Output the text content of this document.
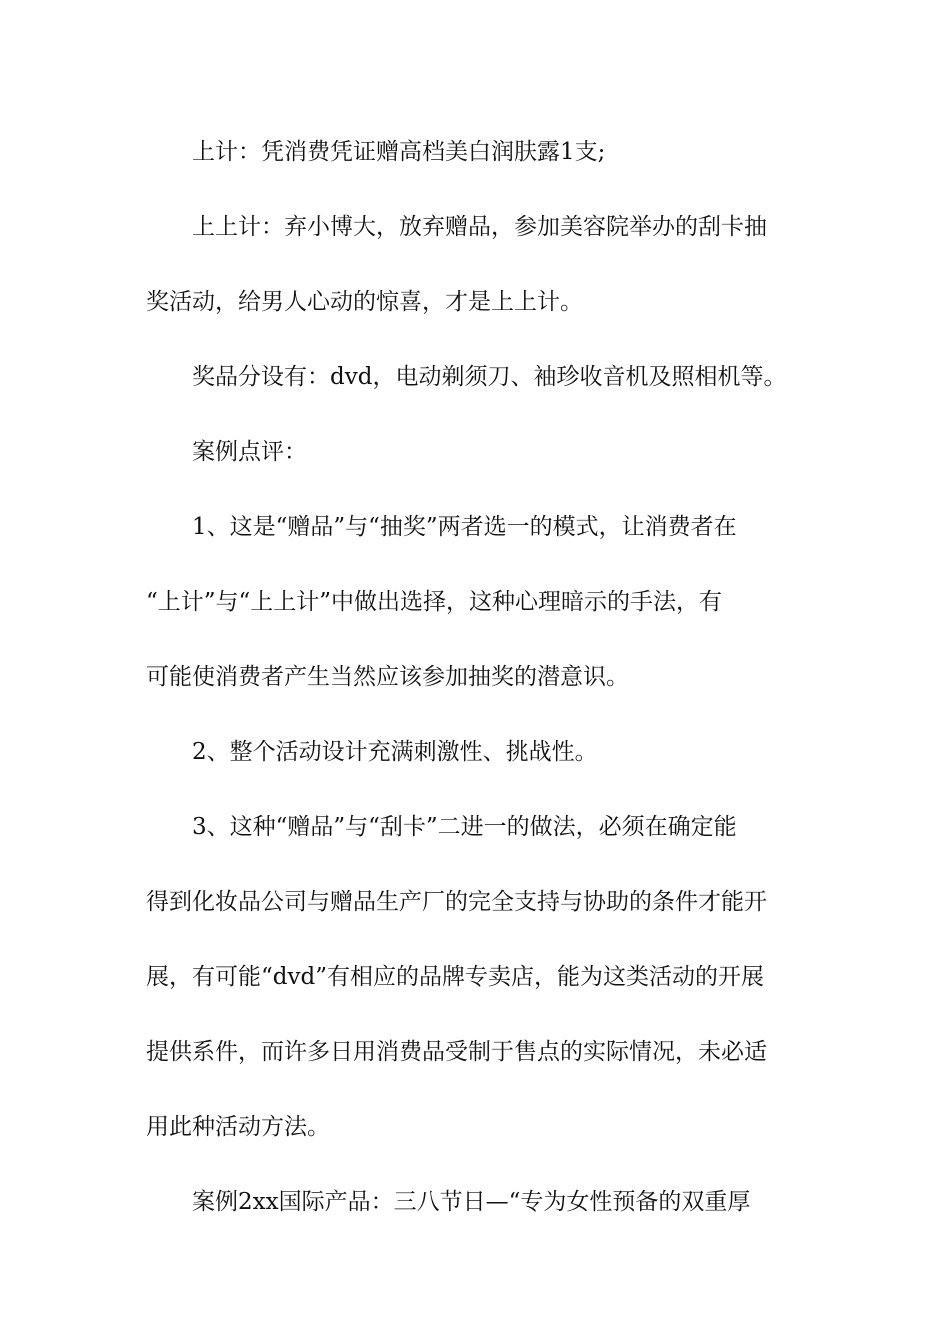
上计：凭消费凭证赠高档美白润肤露1支;
上上计：弃小博大，放弃赠品，参加美容院举办的刮卡抽
奖活动，给男人心动的惊喜，才是上上计。
奖品分设有：dvd，电动剃须刀、袖珍收音机及照相机等。
案例点评：
1、这是“赠品”与“抽奖”两者选一的模式，让消费者在
“上计”与“上上计”中做出选择，这种心理暗示的手法，有
可能使消费者产生当然应该参加抽奖的潜意识。
2、整个活动设计充满刺激性、挑战性。
3、这种“赠品”与“刮卡”二进一的做法，必须在确定能
得到化妆品公司与赠品生产厂的完全支持与协助的条件才能开
展，有可能“dvd”有相应的品牌专卖店，能为这类活动的开展
提供系件，而许多日用消费品受制于售点的实际情况，未必适
用此种活动方法。
案例2xx国际产品：三八节日—“专为女性预备的双重厚
